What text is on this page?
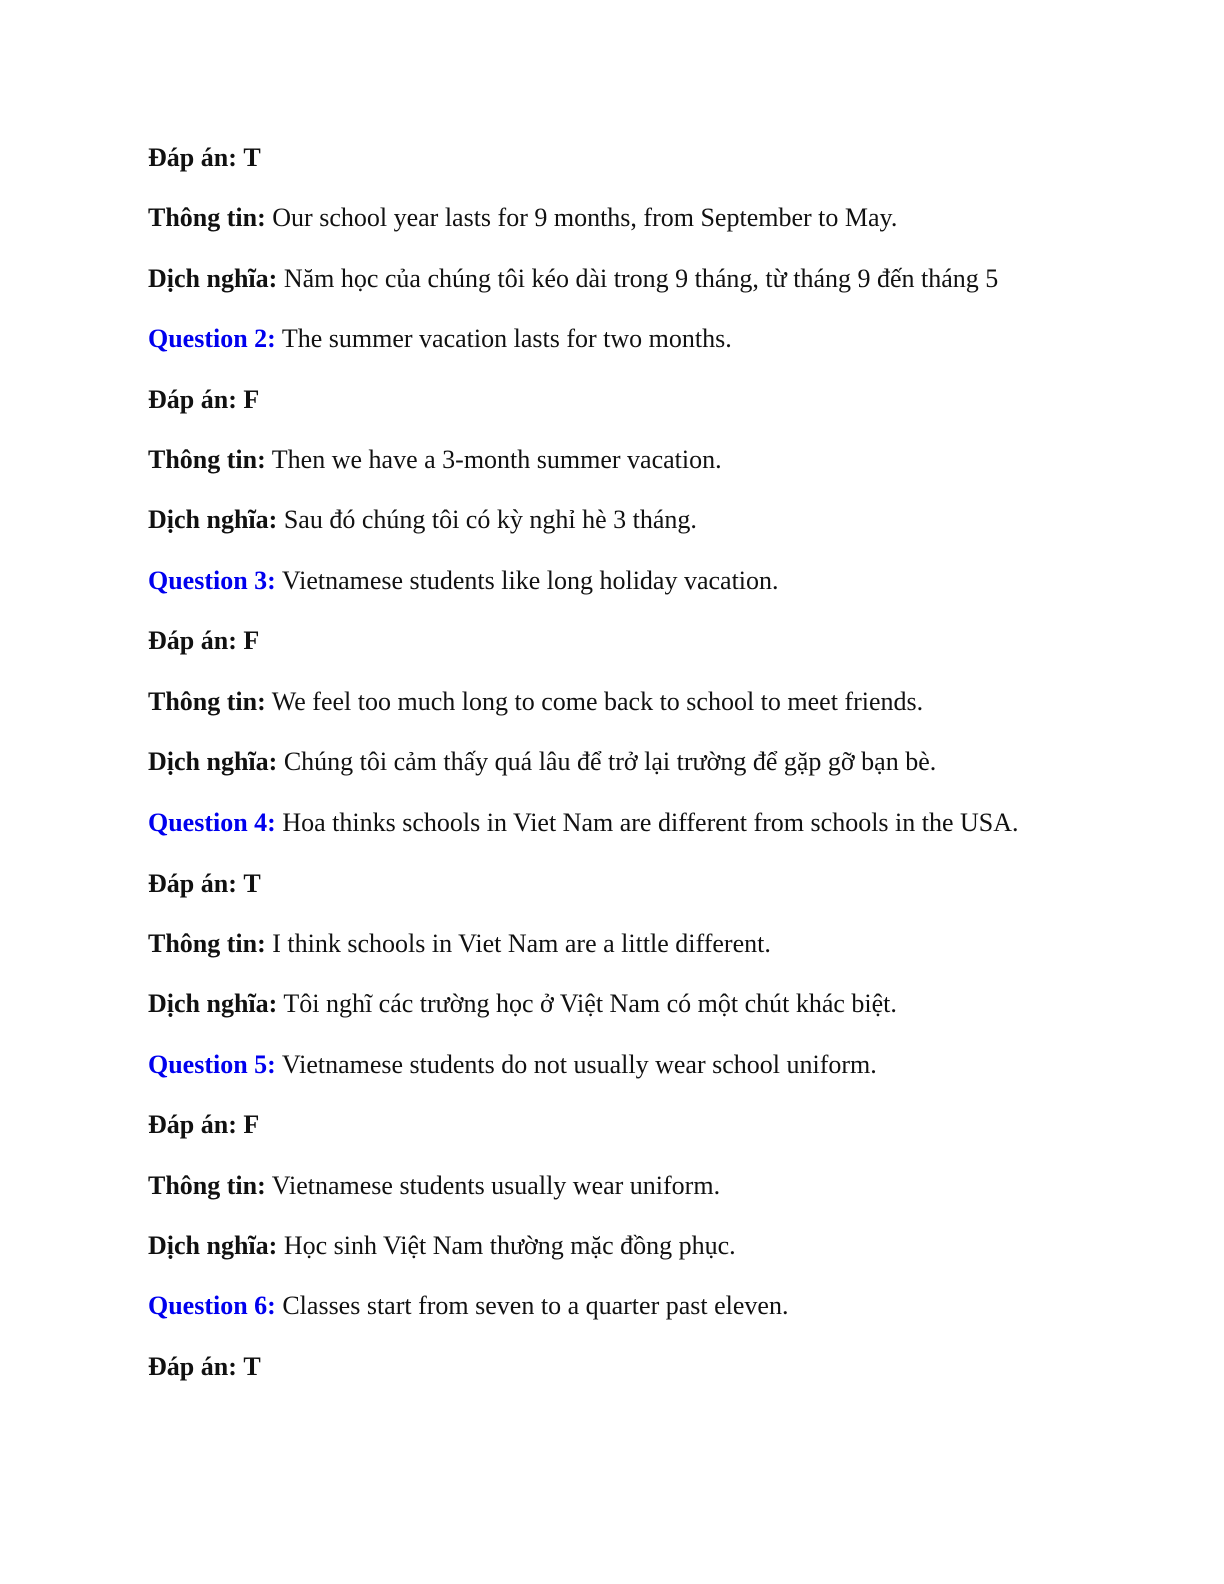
Đáp án: T

Thông tin: Our school year lasts for 9 months, from September to May.

Dịch nghĩa: Năm học của chúng tôi kéo dài trong 9 tháng, từ tháng 9 đến tháng 5

Question 2: The summer vacation lasts for two months.

Đáp án: F

Thông tin: Then we have a 3-month summer vacation.

Dịch nghĩa: Sau đó chúng tôi có kỳ nghỉ hè 3 tháng.

Question 3: Vietnamese students like long holiday vacation.

Đáp án: F

Thông tin: We feel too much long to come back to school to meet friends.

Dịch nghĩa: Chúng tôi cảm thấy quá lâu để trở lại trường để gặp gỡ bạn bè.

Question 4: Hoa thinks schools in Viet Nam are different from schools in the USA.

Đáp án: T

Thông tin: I think schools in Viet Nam are a little different.

Dịch nghĩa: Tôi nghĩ các trường học ở Việt Nam có một chút khác biệt.

Question 5: Vietnamese students do not usually wear school uniform.

Đáp án: F

Thông tin: Vietnamese students usually wear uniform.

Dịch nghĩa: Học sinh Việt Nam thường mặc đồng phục.

Question 6: Classes start from seven to a quarter past eleven.

Đáp án: T
